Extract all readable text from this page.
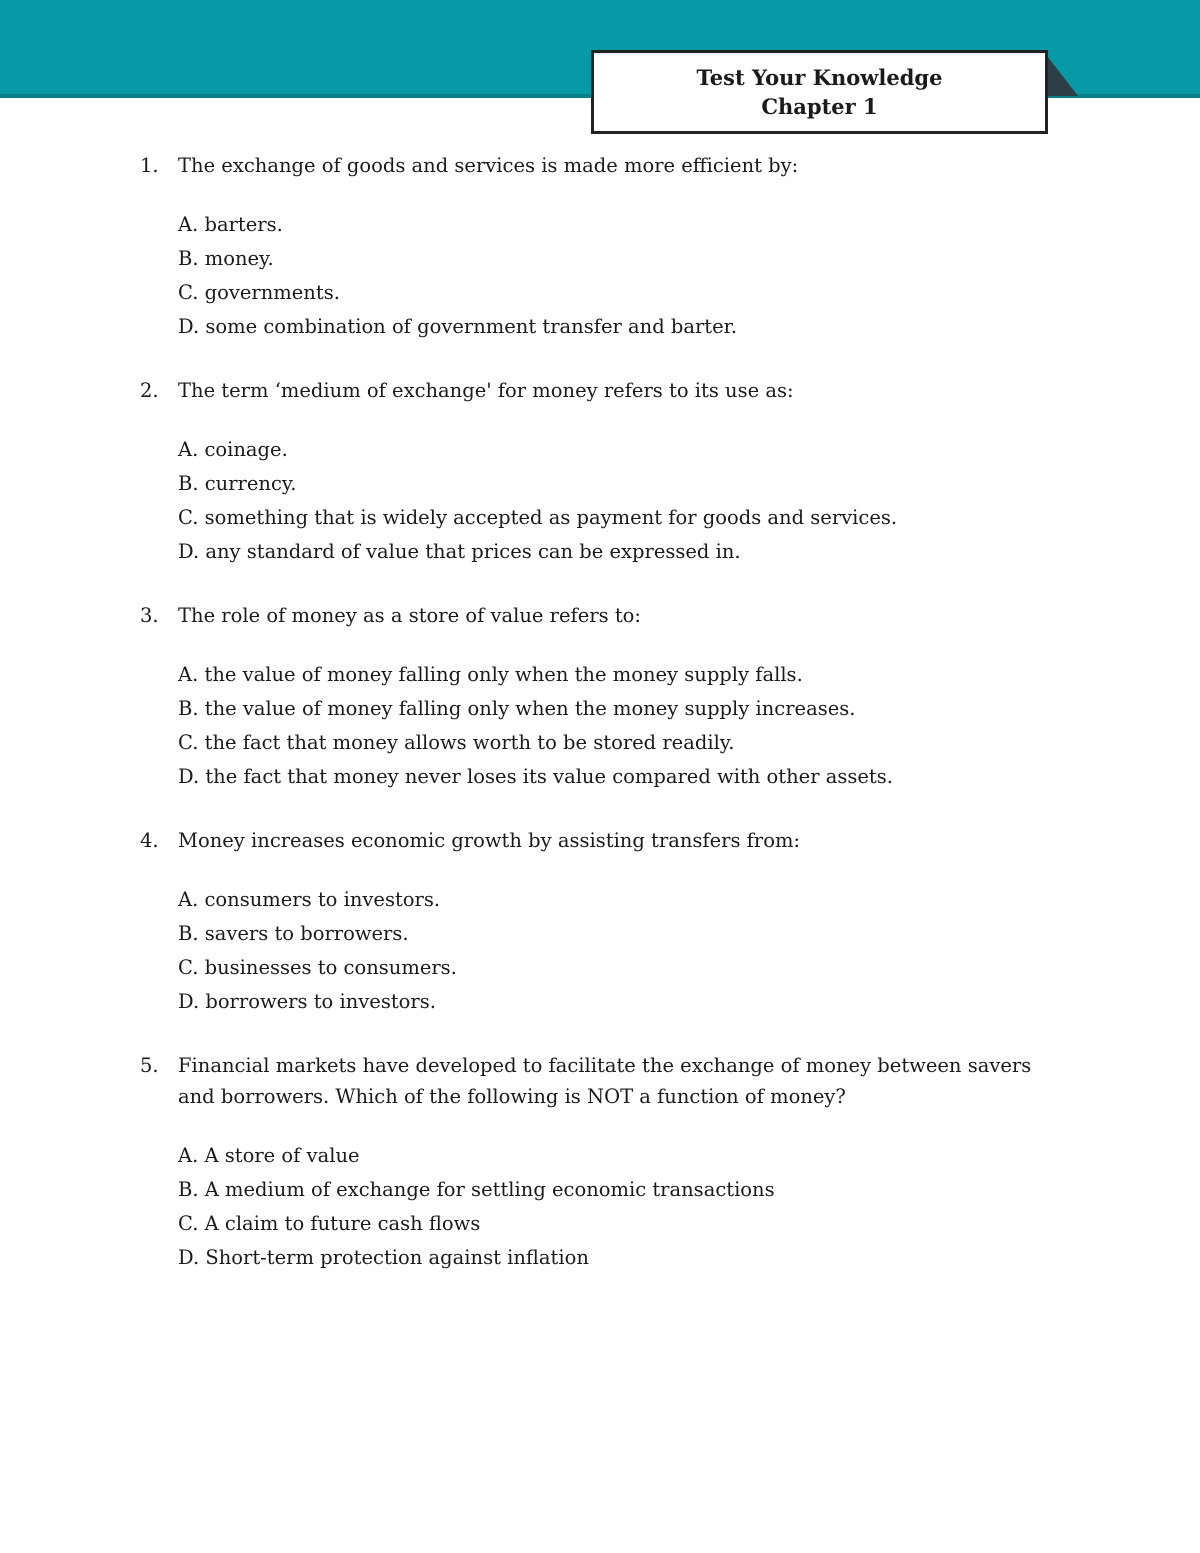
Test Your Knowledge
Chapter 1
1. The exchange of goods and services is made more efficient by:
A. barters.
B. money.
C. governments.
D. some combination of government transfer and barter.
2. The term ‘medium of exchange' for money refers to its use as:
A. coinage.
B. currency.
C. something that is widely accepted as payment for goods and services.
D. any standard of value that prices can be expressed in.
3. The role of money as a store of value refers to:
A. the value of money falling only when the money supply falls.
B. the value of money falling only when the money supply increases.
C. the fact that money allows worth to be stored readily.
D. the fact that money never loses its value compared with other assets.
4. Money increases economic growth by assisting transfers from:
A. consumers to investors.
B. savers to borrowers.
C. businesses to consumers.
D. borrowers to investors.
5. Financial markets have developed to facilitate the exchange of money between savers and borrowers. Which of the following is NOT a function of money?
A. A store of value
B. A medium of exchange for settling economic transactions
C. A claim to future cash flows
D. Short-term protection against inflation
